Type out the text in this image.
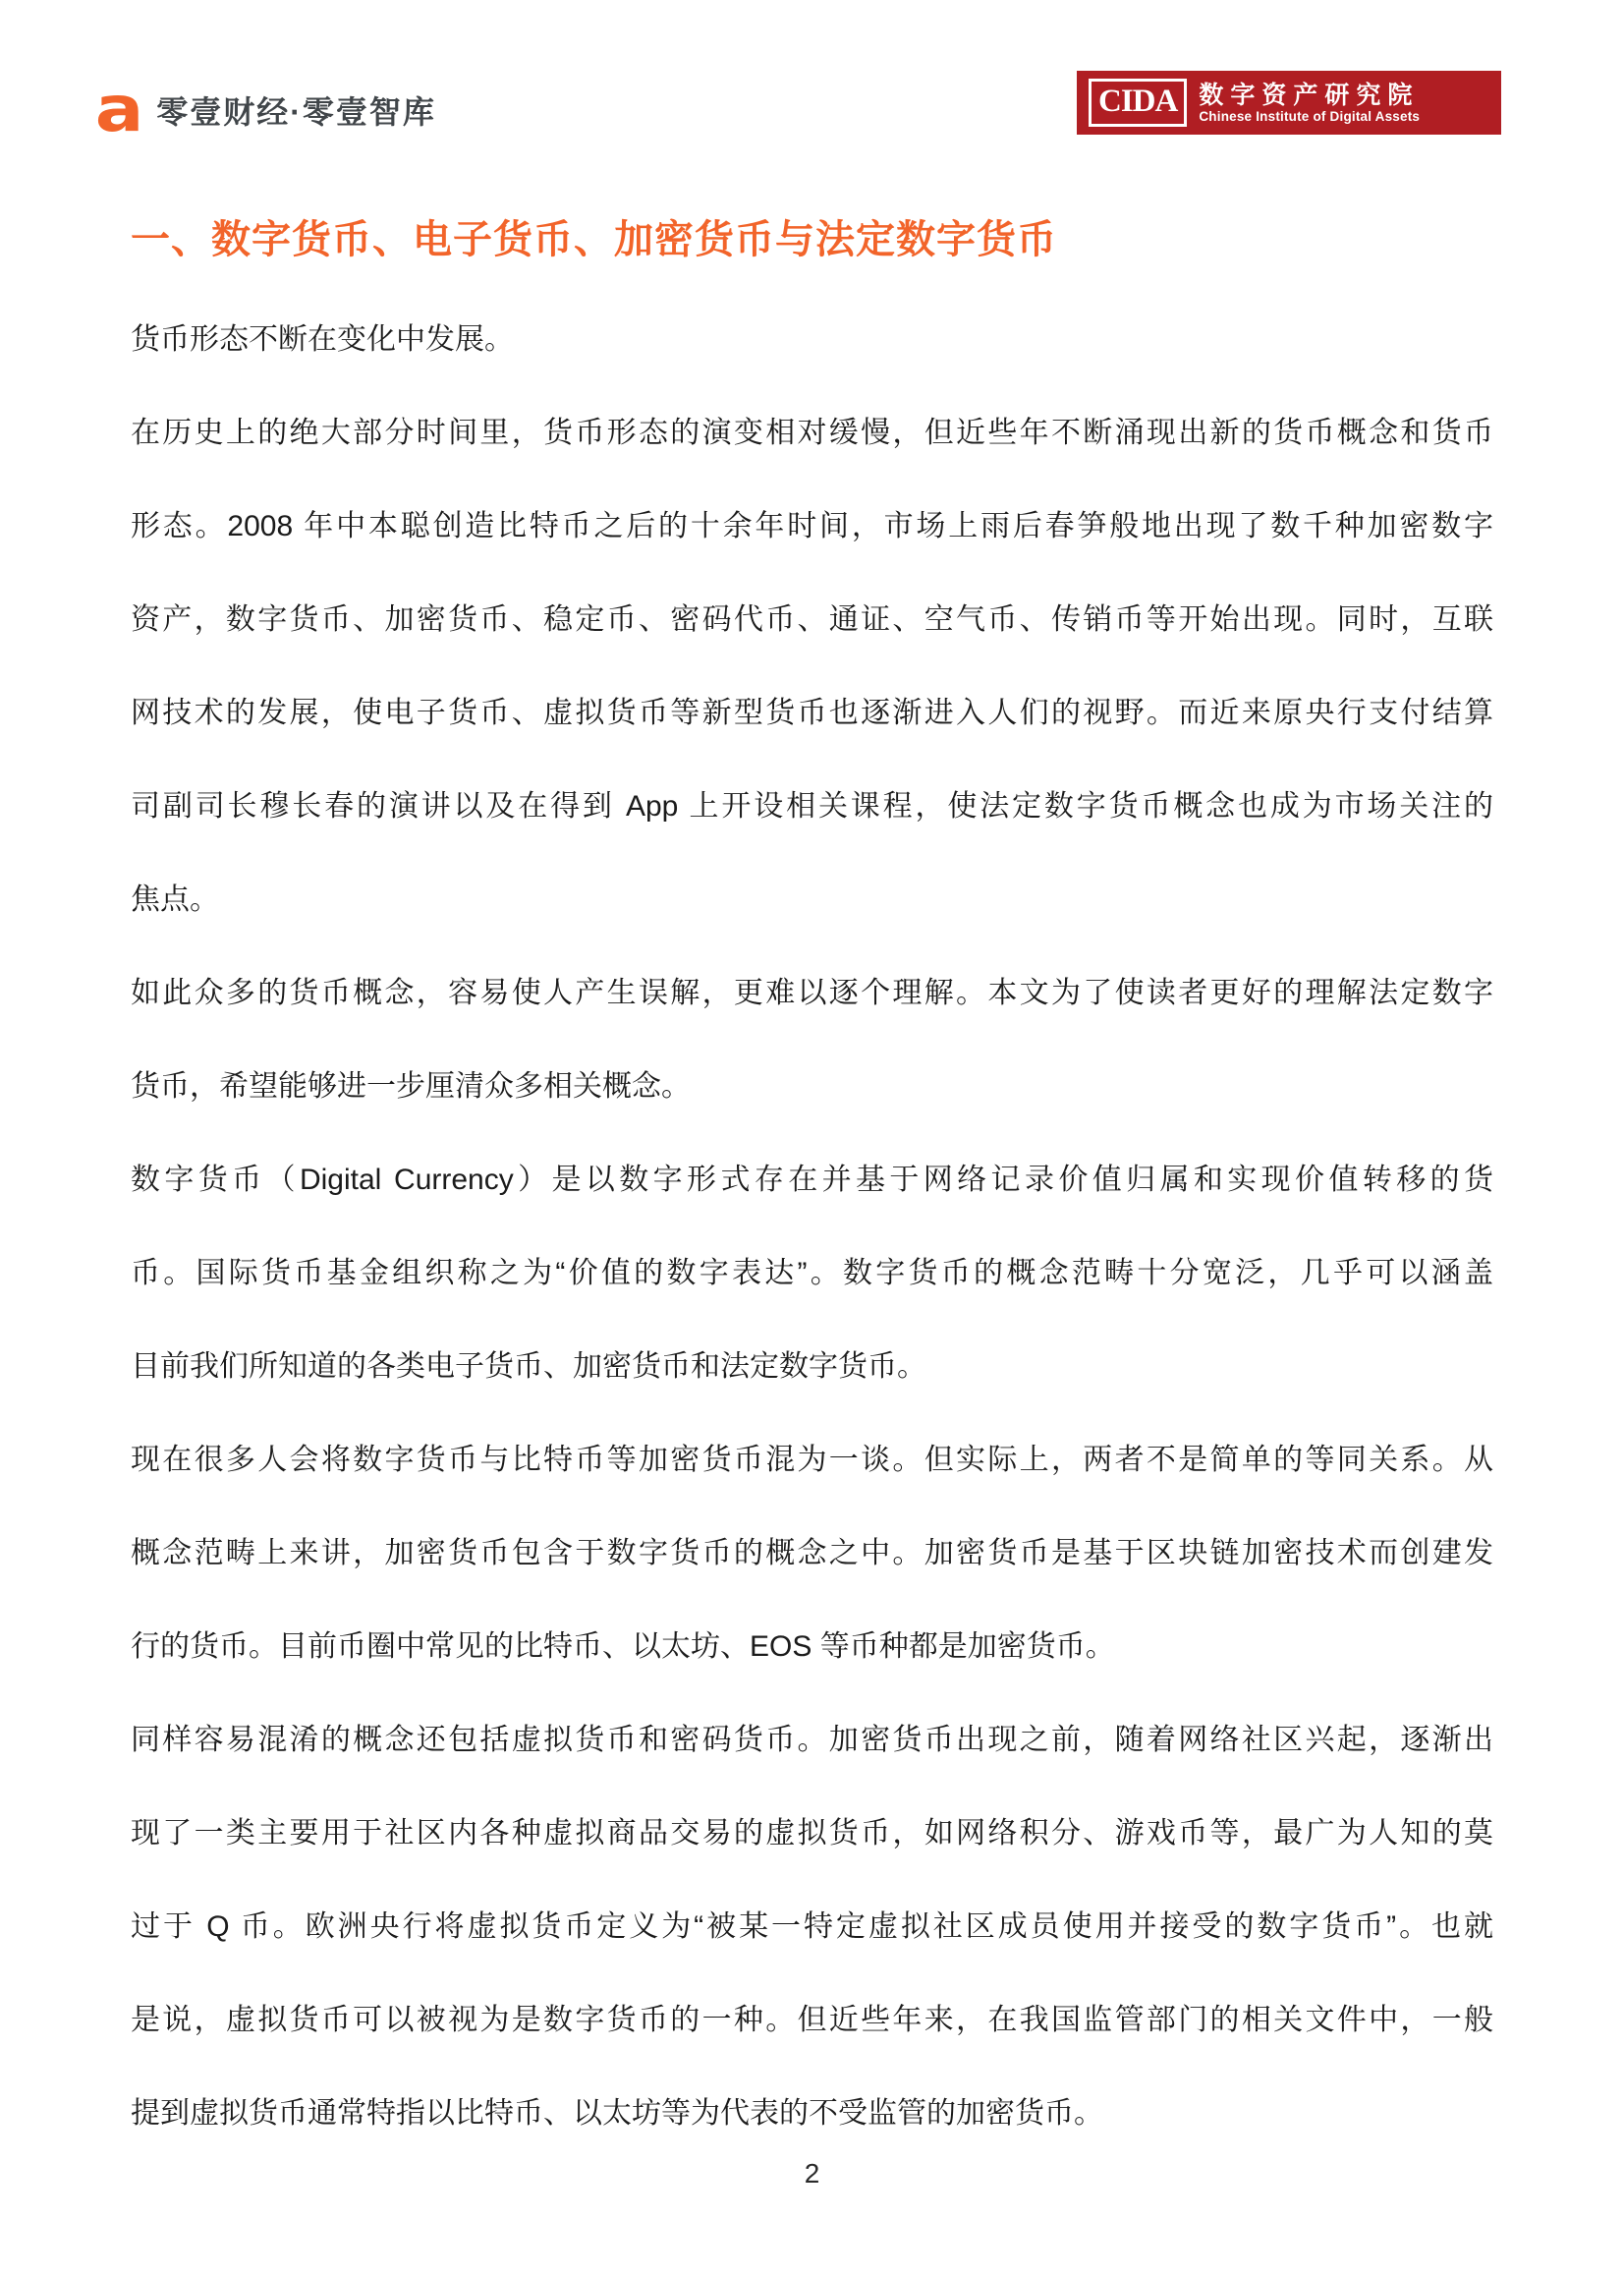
a 零壹财经·零壹智库	CIDA 数字资产研究院
Chinese Institute of Digital Assets
一、数字货币、电子货币、加密货币与法定数字货币
货币形态不断在变化中发展。
在历史上的绝大部分时间里，货币形态的演变相对缓慢，但近些年不断涌现出新的货币概念和货币
形态。2008 年中本聪创造比特币之后的十余年时间，市场上雨后春笋般地出现了数千种加密数字
资产，数字货币、加密货币、稳定币、密码代币、通证、空气币、传销币等开始出现。同时，互联
网技术的发展，使电子货币、虚拟货币等新型货币也逐渐进入人们的视野。而近来原央行支付结算
司副司长穆长春的演讲以及在得到 App 上开设相关课程，使法定数字货币概念也成为市场关注的
焦点。
如此众多的货币概念，容易使人产生误解，更难以逐个理解。本文为了使读者更好的理解法定数字
货币，希望能够进一步厘清众多相关概念。
数字货币（Digital Currency）是以数字形式存在并基于网络记录价值归属和实现价值转移的货
币。国际货币基金组织称之为“价值的数字表达”。数字货币的概念范畴十分宽泛，几乎可以涵盖
目前我们所知道的各类电子货币、加密货币和法定数字货币。
现在很多人会将数字货币与比特币等加密货币混为一谈。但实际上，两者不是简单的等同关系。从
概念范畴上来讲，加密货币包含于数字货币的概念之中。加密货币是基于区块链加密技术而创建发
行的货币。目前币圈中常见的比特币、以太坊、EOS 等币种都是加密货币。
同样容易混淆的概念还包括虚拟货币和密码货币。加密货币出现之前，随着网络社区兴起，逐渐出
现了一类主要用于社区内各种虚拟商品交易的虚拟货币，如网络积分、游戏币等，最广为人知的莫
过于 Q 币。欧洲央行将虚拟货币定义为“被某一特定虚拟社区成员使用并接受的数字货币”。也就
是说，虚拟货币可以被视为是数字货币的一种。但近些年来，在我国监管部门的相关文件中，一般
提到虚拟货币通常特指以比特币、以太坊等为代表的不受监管的加密货币。
2
